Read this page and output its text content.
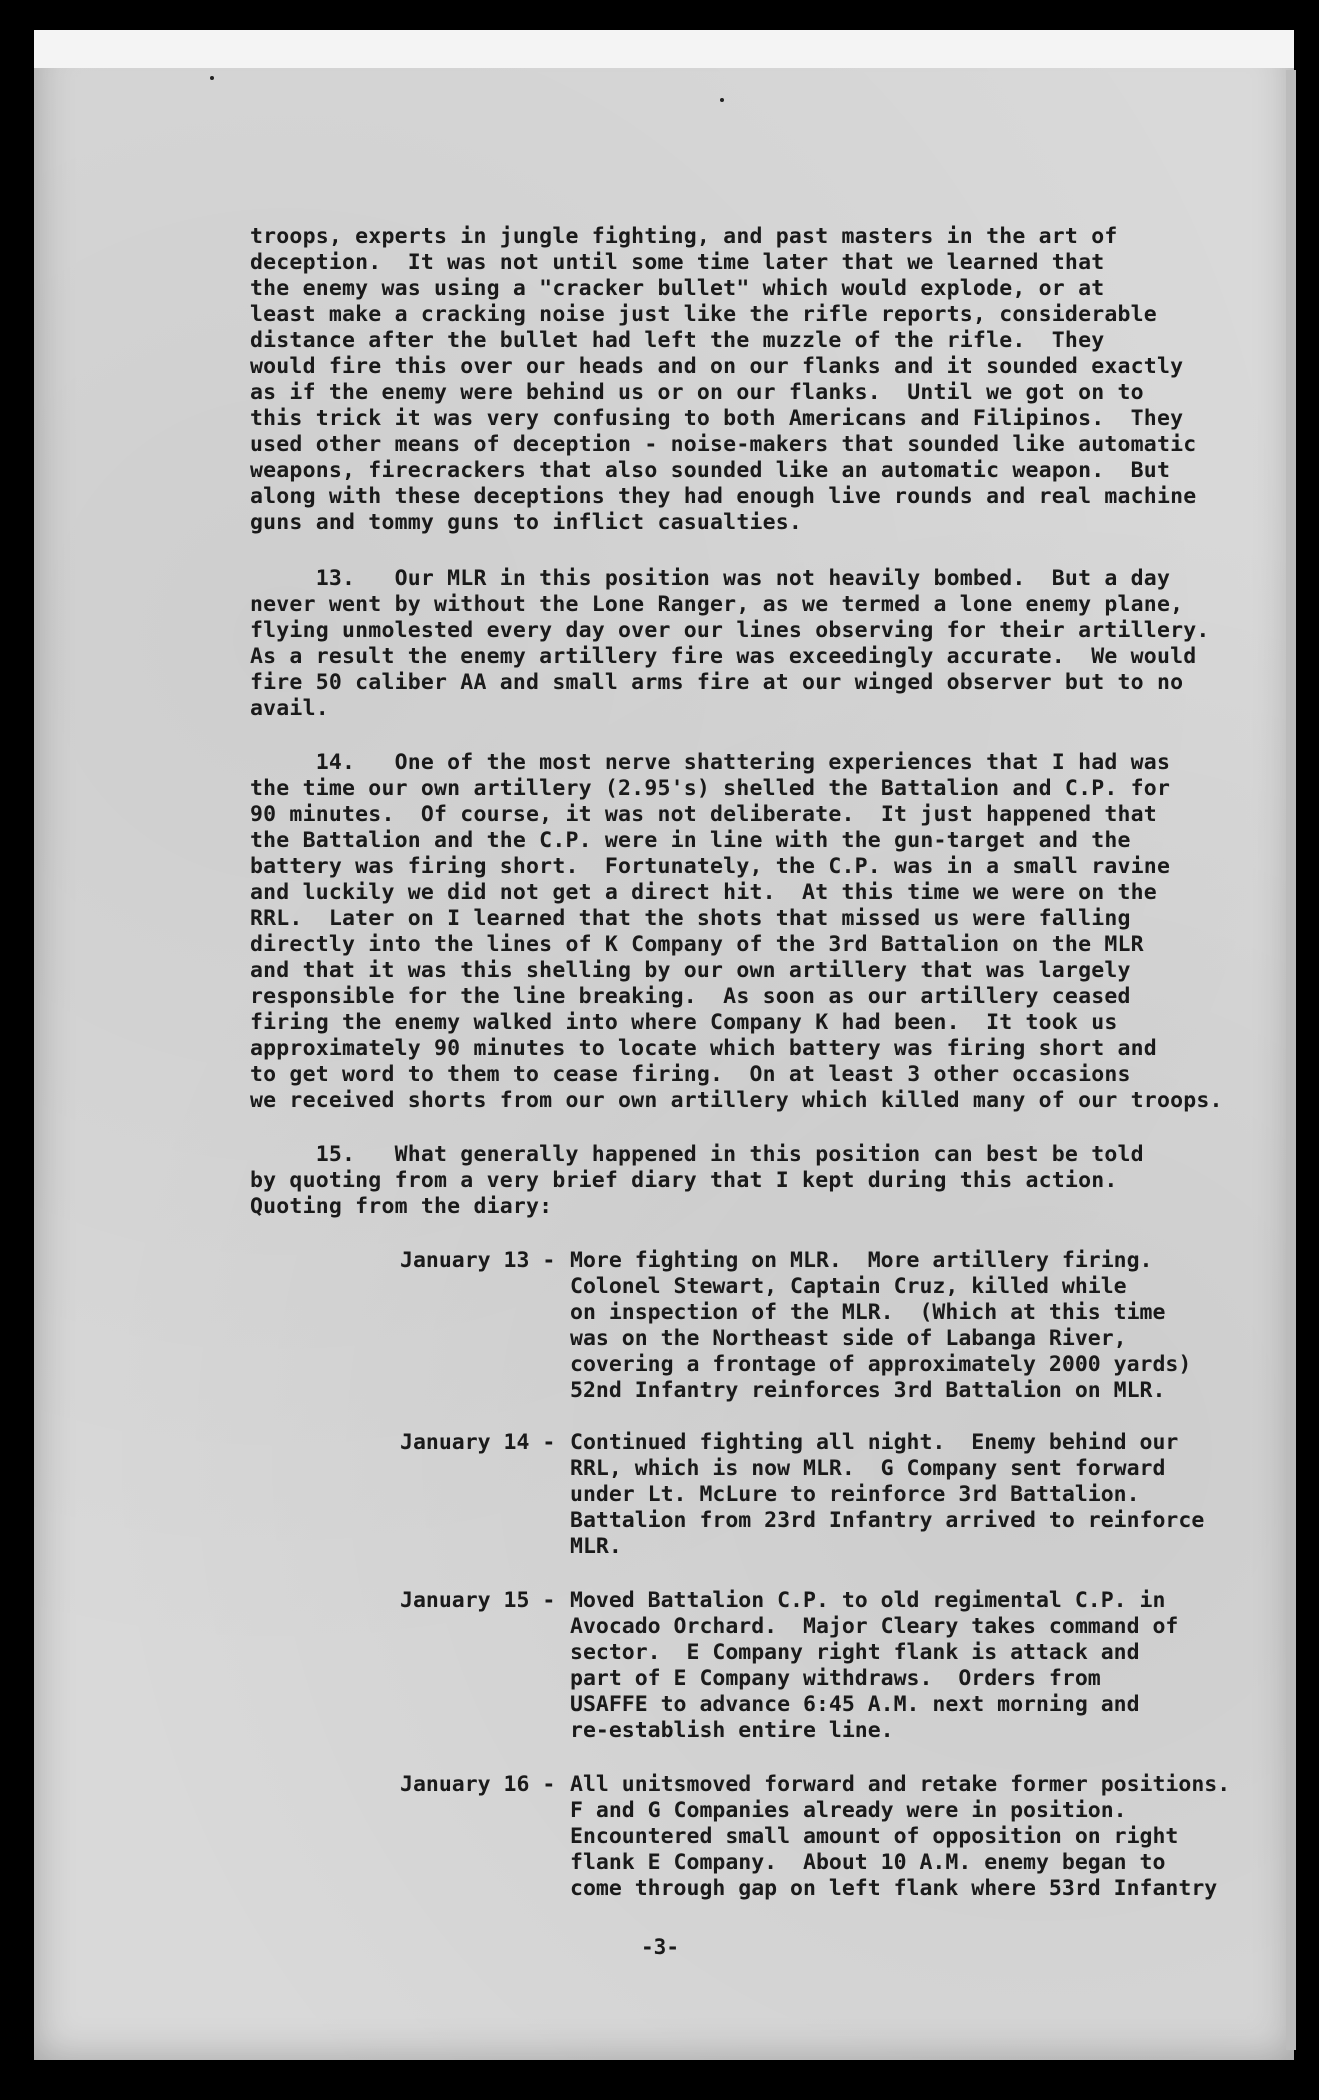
troops, experts in jungle fighting, and past masters in the art of
deception.  It was not until some time later that we learned that
the enemy was using a "cracker bullet" which would explode, or at
least make a cracking noise just like the rifle reports, considerable
distance after the bullet had left the muzzle of the rifle.  They
would fire this over our heads and on our flanks and it sounded exactly
as if the enemy were behind us or on our flanks.  Until we got on to
this trick it was very confusing to both Americans and Filipinos.  They
used other means of deception - noise-makers that sounded like automatic
weapons, firecrackers that also sounded like an automatic weapon.  But
along with these deceptions they had enough live rounds and real machine
guns and tommy guns to inflict casualties.
13.   Our MLR in this position was not heavily bombed.  But a day
never went by without the Lone Ranger, as we termed a lone enemy plane,
flying unmolested every day over our lines observing for their artillery.
As a result the enemy artillery fire was exceedingly accurate.  We would
fire 50 caliber AA and small arms fire at our winged observer but to no
avail.
14.   One of the most nerve shattering experiences that I had was
the time our own artillery (2.95's) shelled the Battalion and C.P. for
90 minutes.  Of course, it was not deliberate.  It just happened that
the Battalion and the C.P. were in line with the gun-target and the
battery was firing short.  Fortunately, the C.P. was in a small ravine
and luckily we did not get a direct hit.  At this time we were on the
RRL.  Later on I learned that the shots that missed us were falling
directly into the lines of K Company of the 3rd Battalion on the MLR
and that it was this shelling by our own artillery that was largely
responsible for the line breaking.  As soon as our artillery ceased
firing the enemy walked into where Company K had been.  It took us
approximately 90 minutes to locate which battery was firing short and
to get word to them to cease firing.  On at least 3 other occasions
we received shorts from our own artillery which killed many of our troops.
15.   What generally happened in this position can best be told
by quoting from a very brief diary that I kept during this action.
Quoting from the diary:
January 13 - More fighting on MLR.  More artillery firing.
Colonel Stewart, Captain Cruz, killed while
on inspection of the MLR.  (Which at this time
was on the Northeast side of Labanga River,
covering a frontage of approximately 2000 yards)
52nd Infantry reinforces 3rd Battalion on MLR.
January 14 - Continued fighting all night.  Enemy behind our
RRL, which is now MLR.  G Company sent forward
under Lt. McLure to reinforce 3rd Battalion.
Battalion from 23rd Infantry arrived to reinforce
MLR.
January 15 - Moved Battalion C.P. to old regimental C.P. in
Avocado Orchard.  Major Cleary takes command of
sector.  E Company right flank is attack and
part of E Company withdraws.  Orders from
USAFFE to advance 6:45 A.M. next morning and
re-establish entire line.
January 16 - All unitsmoved forward and retake former positions.
F and G Companies already were in position.
Encountered small amount of opposition on right
flank E Company.  About 10 A.M. enemy began to
come through gap on left flank where 53rd Infantry
-3-
